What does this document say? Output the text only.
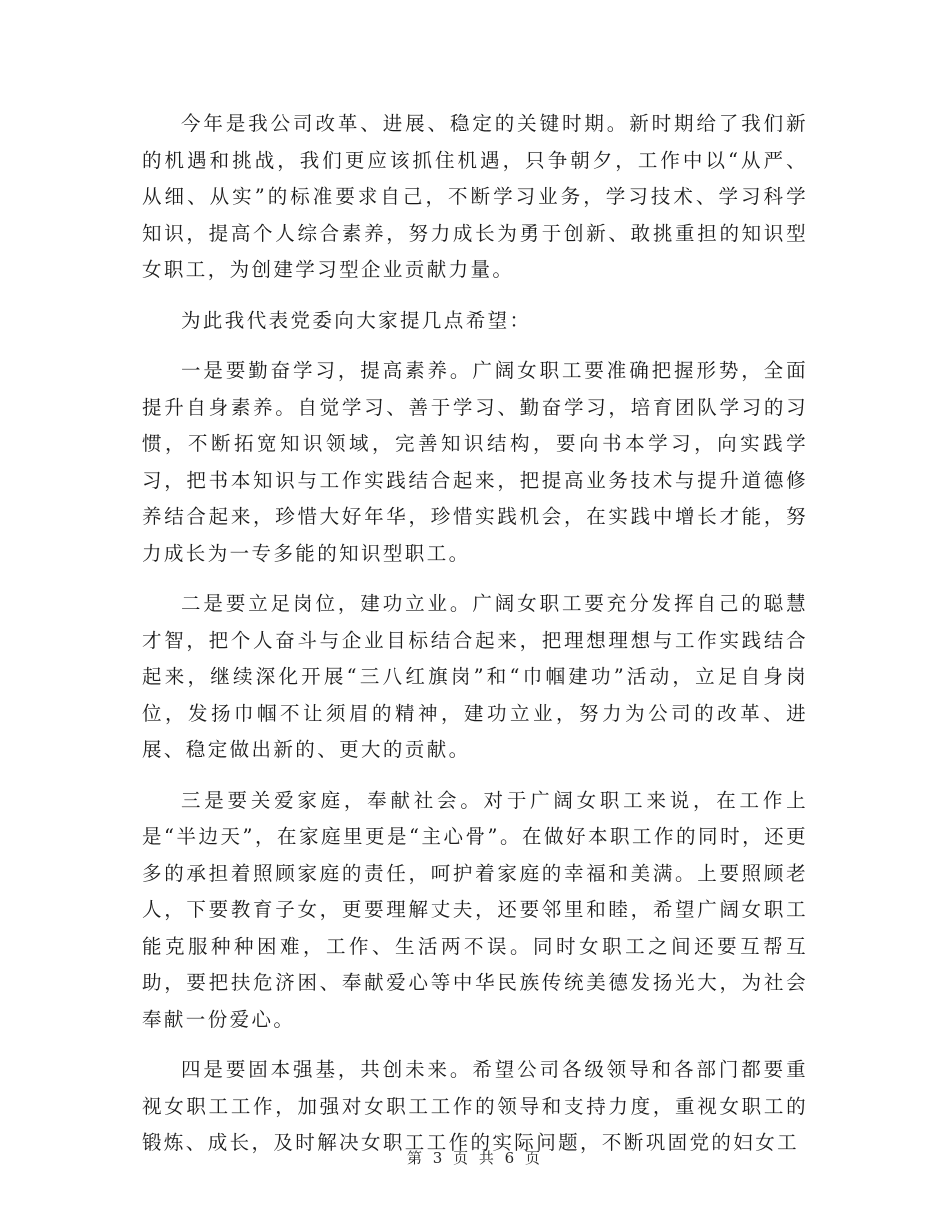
今年是我公司改革、进展、稳定的关键时期。新时期给了我们新的机遇和挑战，我们更应该抓住机遇，只争朝夕，工作中以“从严、从细、从实”的标准要求自己，不断学习业务，学习技术、学习科学知识，提高个人综合素养，努力成长为勇于创新、敢挑重担的知识型女职工，为创建学习型企业贡献力量。

为此我代表党委向大家提几点希望：

一是要勤奋学习，提高素养。广阔女职工要准确把握形势，全面提升自身素养。自觉学习、善于学习、勤奋学习，培育团队学习的习惯，不断拓宽知识领域，完善知识结构，要向书本学习，向实践学习，把书本知识与工作实践结合起来，把提高业务技术与提升道德修养结合起来，珍惜大好年华，珍惜实践机会，在实践中增长才能，努力成长为一专多能的知识型职工。

二是要立足岗位，建功立业。广阔女职工要充分发挥自己的聪慧才智，把个人奋斗与企业目标结合起来，把理想理想与工作实践结合起来，继续深化开展“三八红旗岗”和“巾帼建功”活动，立足自身岗位，发扬巾帼不让须眉的精神，建功立业，努力为公司的改革、进展、稳定做出新的、更大的贡献。

三是要关爱家庭，奉献社会。对于广阔女职工来说，在工作上是“半边天”，在家庭里更是“主心骨”。在做好本职工作的同时，还更多的承担着照顾家庭的责任，呵护着家庭的幸福和美满。上要照顾老人，下要教育子女，更要理解丈夫，还要邻里和睦，希望广阔女职工能克服种种困难，工作、生活两不误。同时女职工之间还要互帮互助，要把扶危济困、奉献爱心等中华民族传统美德发扬光大，为社会奉献一份爱心。

四是要固本强基，共创未来。希望公司各级领导和各部门都要重视女职工工作，加强对女职工工作的领导和支持力度，重视女职工的锻炼、成长，及时解决女职工工作的实际问题，不断巩固党的妇女工

第 3 页 共 6 页
